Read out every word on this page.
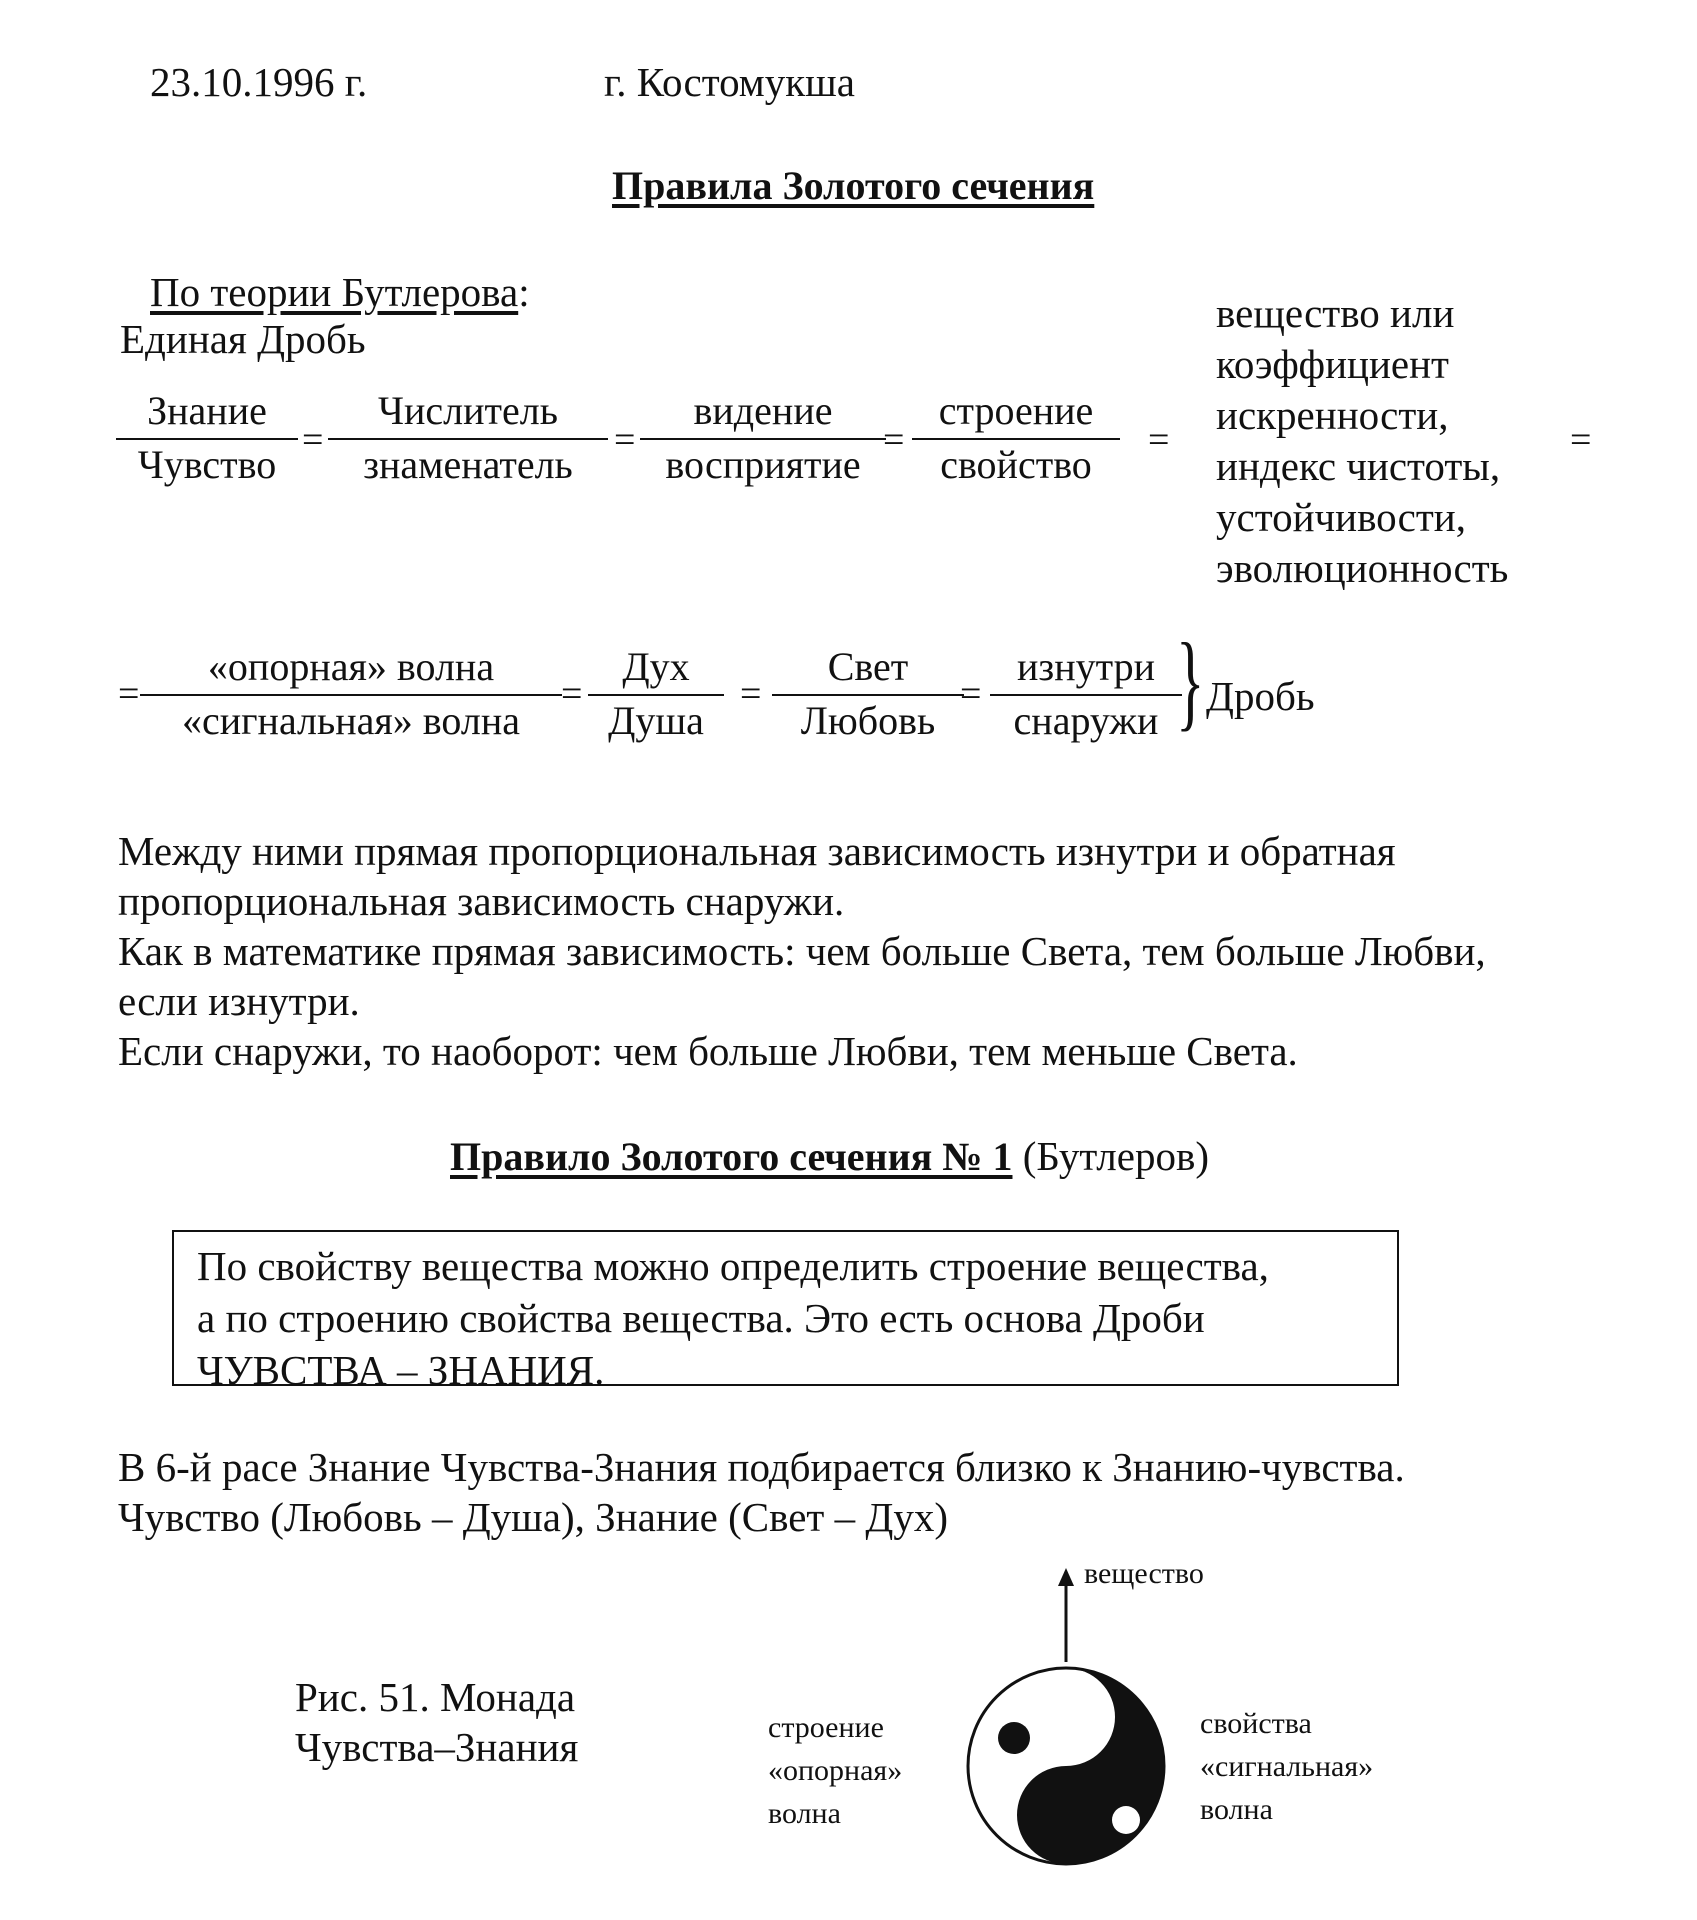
23.10.1996 г.	г. Костомукша
Правила Золотого сечения
По теории Бутлерова:
Единая Дробь
Знание
Чувство
=
Числитель
знаменатель
=
видение
восприятие
=
строение
свойство
=
вещество или
коэффициент
искренности,
индекс чистоты,
устойчивости,
эволюционность
=
=
«опорная» волна
«сигнальная» волна
=
Дух
Душа
=
Свет
Любовь
=
изнутри
снаружи } Дробь
Между ними прямая пропорциональная зависимость изнутри и обратная
пропорциональная зависимость снаружи.
Как в математике прямая зависимость: чем больше Света, тем больше Любви,
если изнутри.
Если снаружи, то наоборот: чем больше Любви, тем меньше Света.
Правило Золотого сечения № 1 (Бутлеров)
По свойству вещества можно определить строение вещества,
а по строению свойства вещества. Это есть основа Дроби
ЧУВСТВА – ЗНАНИЯ.
В 6-й расе Знание Чувства-Знания подбирается близко к Знанию-чувства.
Чувство (Любовь – Душа), Знание (Свет – Дух)
Рис. 51. Монада
Чувства–Знания
вещество
строение
«опорная»
волна
свойства
«сигнальная»
волна
